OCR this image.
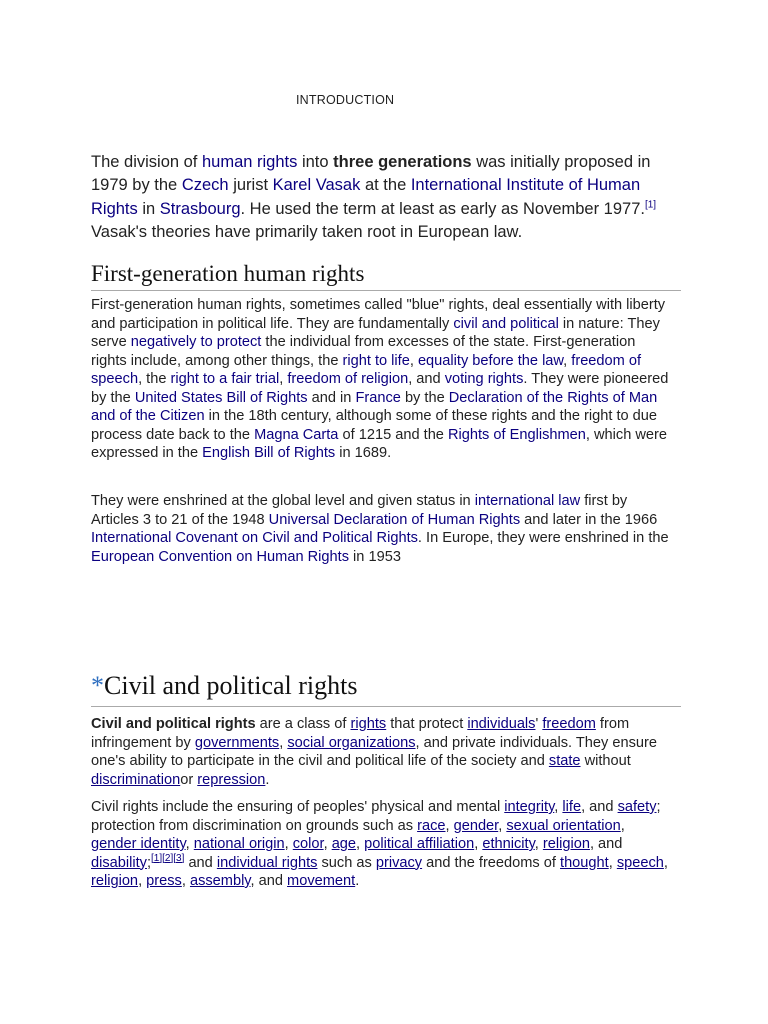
INTRODUCTION

The division of human rights into three generations was initially proposed in 1979 by the Czech jurist Karel Vasak at the International Institute of Human Rights in Strasbourg. He used the term at least as early as November 1977.[1] Vasak's theories have primarily taken root in European law.

First-generation human rights

First-generation human rights, sometimes called "blue" rights, deal essentially with liberty and participation in political life. They are fundamentally civil and political in nature: They serve negatively to protect the individual from excesses of the state. First-generation rights include, among other things, the right to life, equality before the law, freedom of speech, the right to a fair trial, freedom of religion, and voting rights. They were pioneered by the United States Bill of Rights and in France by the Declaration of the Rights of Man and of the Citizen in the 18th century, although some of these rights and the right to due process date back to the Magna Carta of 1215 and the Rights of Englishmen, which were expressed in the English Bill of Rights in 1689.

They were enshrined at the global level and given status in international law first by Articles 3 to 21 of the 1948 Universal Declaration of Human Rights and later in the 1966 International Covenant on Civil and Political Rights. In Europe, they were enshrined in the European Convention on Human Rights in 1953

*Civil and political rights

Civil and political rights are a class of rights that protect individuals' freedom from infringement by governments, social organizations, and private individuals. They ensure one's ability to participate in the civil and political life of the society and state without discriminationor repression.

Civil rights include the ensuring of peoples' physical and mental integrity, life, and safety; protection from discrimination on grounds such as race, gender, sexual orientation, gender identity, national origin, color, age, political affiliation, ethnicity, religion, and disability;[1][2][3] and individual rights such as privacy and the freedoms of thought, speech, religion, press, assembly, and movement.
